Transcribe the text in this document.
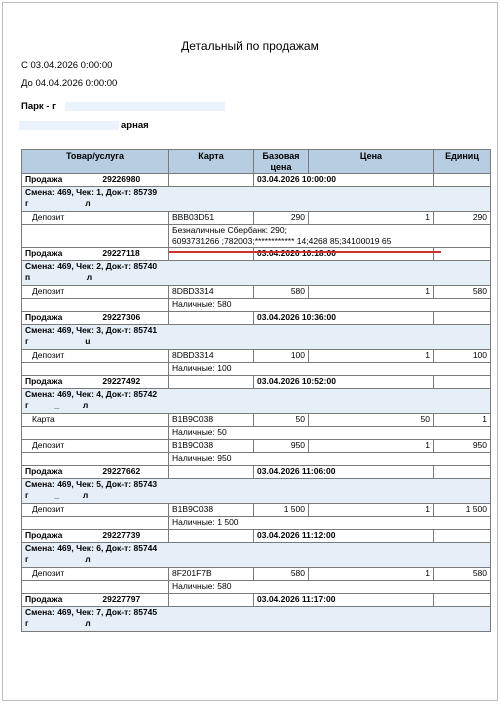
Детальный по продажам
С 03.04.2026 0:00:00
До 04.04.2026 0:00:00
Парк - г
арная
Товар/услуга	Карта	Базовая цена	Цена	Единиц
Продажа 29226980		03.04.2026 10:00:00		

Смена: 469, Чек: 1, Док-т: 85739
г                        л				

Депозит	BBB03D51	290	1	290

	Безналичные Сбербанк: 290;
6093731266 ;782003;************ 14;4268 85;34100019 65			

Продажа 29227118		03.04.2026 10:18:00		

Смена: 469, Чек: 2, Док-т: 85740
п                        л				

Депозит	8DBD3314	580	1	580

	Наличные: 580			

Продажа 29227306		03.04.2026 10:36:00		

Смена: 469, Чек: 3, Док-т: 85741
г                        u				

Депозит	8DBD3314	100	1	100

	Наличные: 100			

Продажа 29227492		03.04.2026 10:52:00		

Смена: 469, Чек: 4, Док-т: 85742
г           _          л				

Карта	B1B9C038	50	50	1

	Наличные: 50			

Депозит	B1B9C038	950	1	950

	Наличные: 950			

Продажа 29227662		03.04.2026 11:06:00		

Смена: 469, Чек: 5, Док-т: 85743
г           _          л				

Депозит	B1B9C038	1 500	1	1 500

	Наличные: 1 500			

Продажа 29227739		03.04.2026 11:12:00		

Смена: 469, Чек: 6, Док-т: 85744
г                        л				

Депозит	8F201F7B	580	1	580

	Наличные: 580			

Продажа 29227797		03.04.2026 11:17:00		

Смена: 469, Чек: 7, Док-т: 85745
г                        л				
